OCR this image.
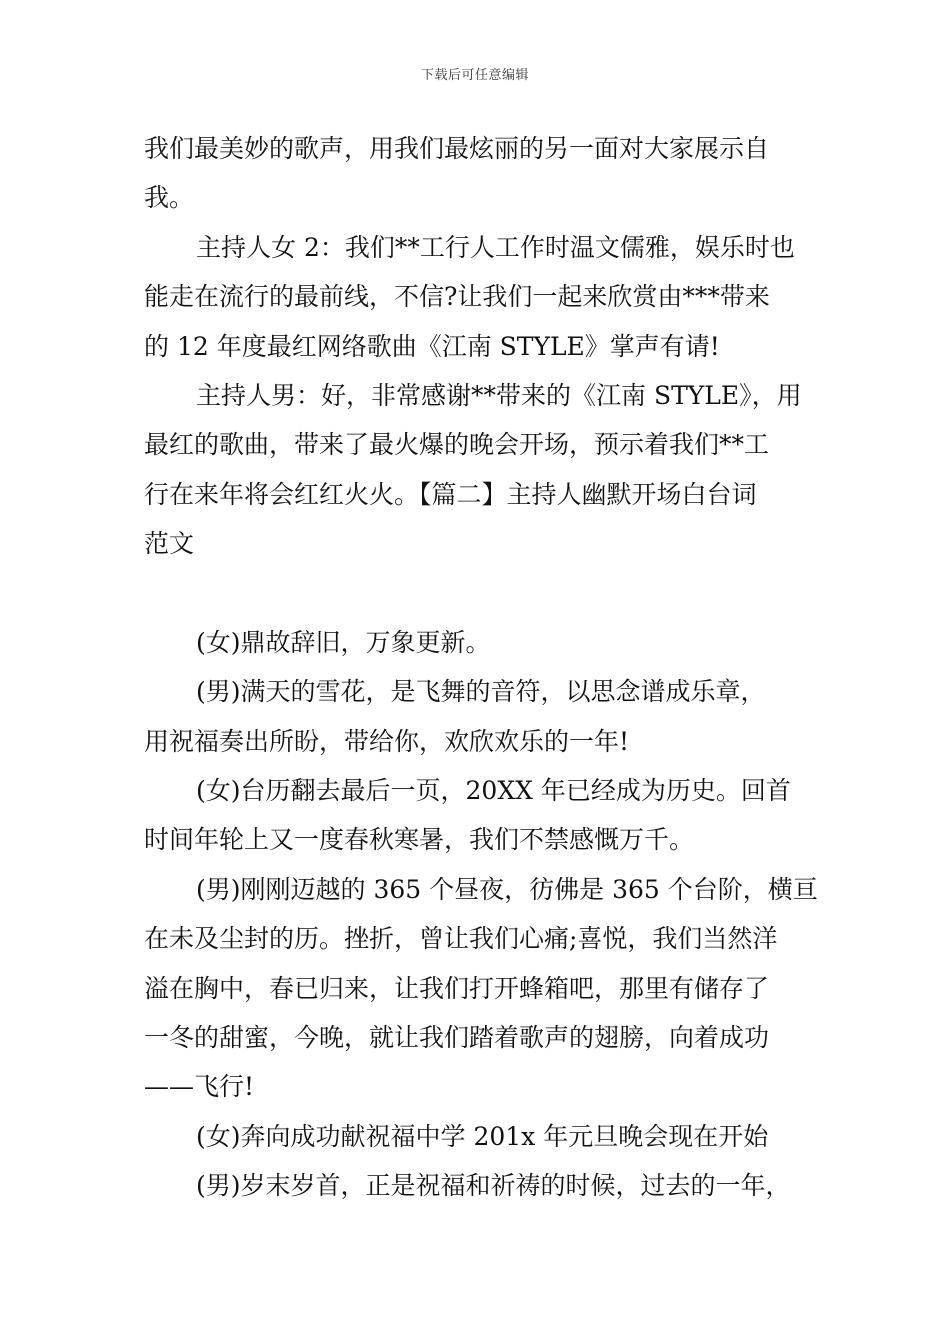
下载后可任意编辑
我们最美妙的歌声，用我们最炫丽的另一面对大家展示自
我。
主持人女 2：我们**工行人工作时温文儒雅，娱乐时也
能走在流行的最前线，不信?让我们一起来欣赏由***带来
的 12 年度最红网络歌曲《江南 STYLE》掌声有请!
主持人男：好，非常感谢**带来的《江南 STYLE》，用
最红的歌曲，带来了最火爆的晚会开场，预示着我们**工
行在来年将会红红火火。【篇二】主持人幽默开场白台词
范文
(女)鼎故辞旧，万象更新。
(男)满天的雪花，是飞舞的音符，以思念谱成乐章，
用祝福奏出所盼，带给你，欢欣欢乐的一年!
(女)台历翻去最后一页，20XX 年已经成为历史。回首
时间年轮上又一度春秋寒暑，我们不禁感慨万千。
(男)刚刚迈越的 365 个昼夜，彷佛是 365 个台阶，横亘
在未及尘封的历。挫折，曾让我们心痛;喜悦，我们当然洋
溢在胸中，春已归来，让我们打开蜂箱吧，那里有储存了
一冬的甜蜜，今晚，就让我们踏着歌声的翅膀，向着成功
——飞行!
(女)奔向成功献祝福中学 201x 年元旦晚会现在开始
(男)岁末岁首，正是祝福和祈祷的时候，过去的一年，
